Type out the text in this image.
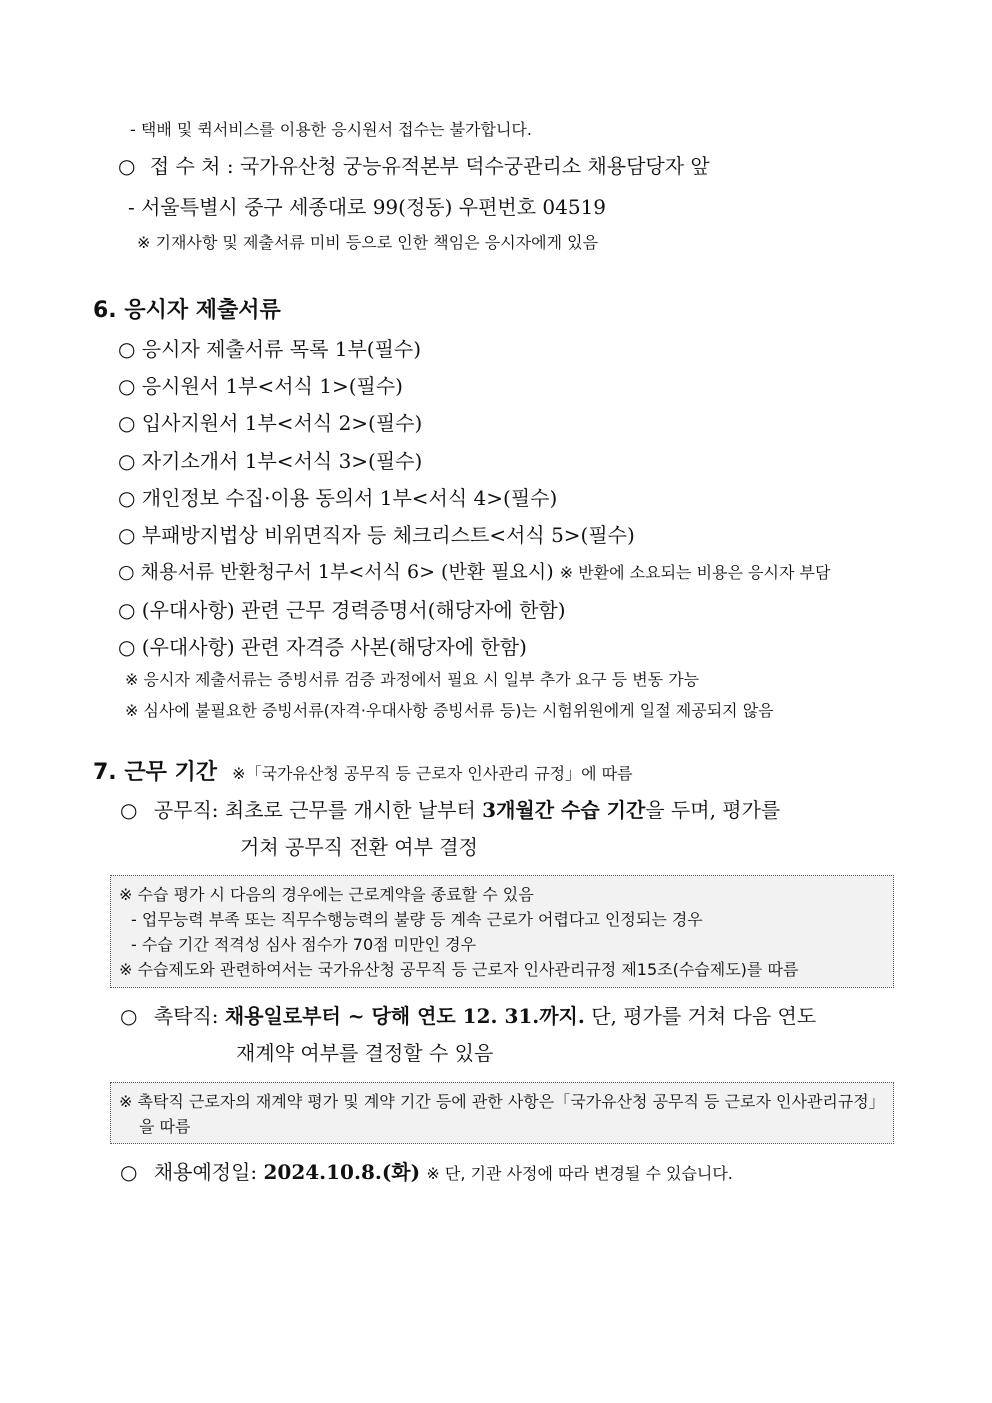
- 택배 및 퀵서비스를 이용한 응시원서 접수는 불가합니다.
○ 접 수 처 : 국가유산청 궁능유적본부 덕수궁관리소 채용담당자 앞
- 서울특별시 중구 세종대로 99(정동) 우편번호 04519
※ 기재사항 및 제출서류 미비 등으로 인한 책임은 응시자에게 있음
6. 응시자 제출서류
○ 응시자 제출서류 목록 1부(필수)
○ 응시원서 1부<서식 1>(필수)
○ 입사지원서 1부<서식 2>(필수)
○ 자기소개서 1부<서식 3>(필수)
○ 개인정보 수집·이용 동의서 1부<서식 4>(필수)
○ 부패방지법상 비위면직자 등 체크리스트<서식 5>(필수)
○ 채용서류 반환청구서 1부<서식 6> (반환 필요시) ※ 반환에 소요되는 비용은 응시자 부담
○ (우대사항) 관련 근무 경력증명서(해당자에 한함)
○ (우대사항) 관련 자격증 사본(해당자에 한함)
※ 응시자 제출서류는 증빙서류 검증 과정에서 필요 시 일부 추가 요구 등 변동 가능
※ 심사에 불필요한 증빙서류(자격·우대사항 증빙서류 등)는 시험위원에게 일절 제공되지 않음
7. 근무 기간 ※「국가유산청 공무직 등 근로자 인사관리 규정」에 따름
○ 공무직: 최초로 근무를 개시한 날부터 3개월간 수습 기간을 두며, 평가를
거쳐 공무직 전환 여부 결정
※ 수습 평가 시 다음의 경우에는 근로계약을 종료할 수 있음
- 업무능력 부족 또는 직무수행능력의 불량 등 계속 근로가 어렵다고 인정되는 경우
- 수습 기간 적격성 심사 점수가 70점 미만인 경우
※ 수습제도와 관련하여서는 국가유산청 공무직 등 근로자 인사관리규정 제15조(수습제도)를 따름
○ 촉탁직: 채용일로부터 ~ 당해 연도 12. 31.까지. 단, 평가를 거쳐 다음 연도
재계약 여부를 결정할 수 있음
※ 촉탁직 근로자의 재계약 평가 및 계약 기간 등에 관한 사항은「국가유산청 공무직 등 근로자 인사관리규정」을 따름
○ 채용예정일: 2024.10.8.(화) ※ 단, 기관 사정에 따라 변경될 수 있습니다.
